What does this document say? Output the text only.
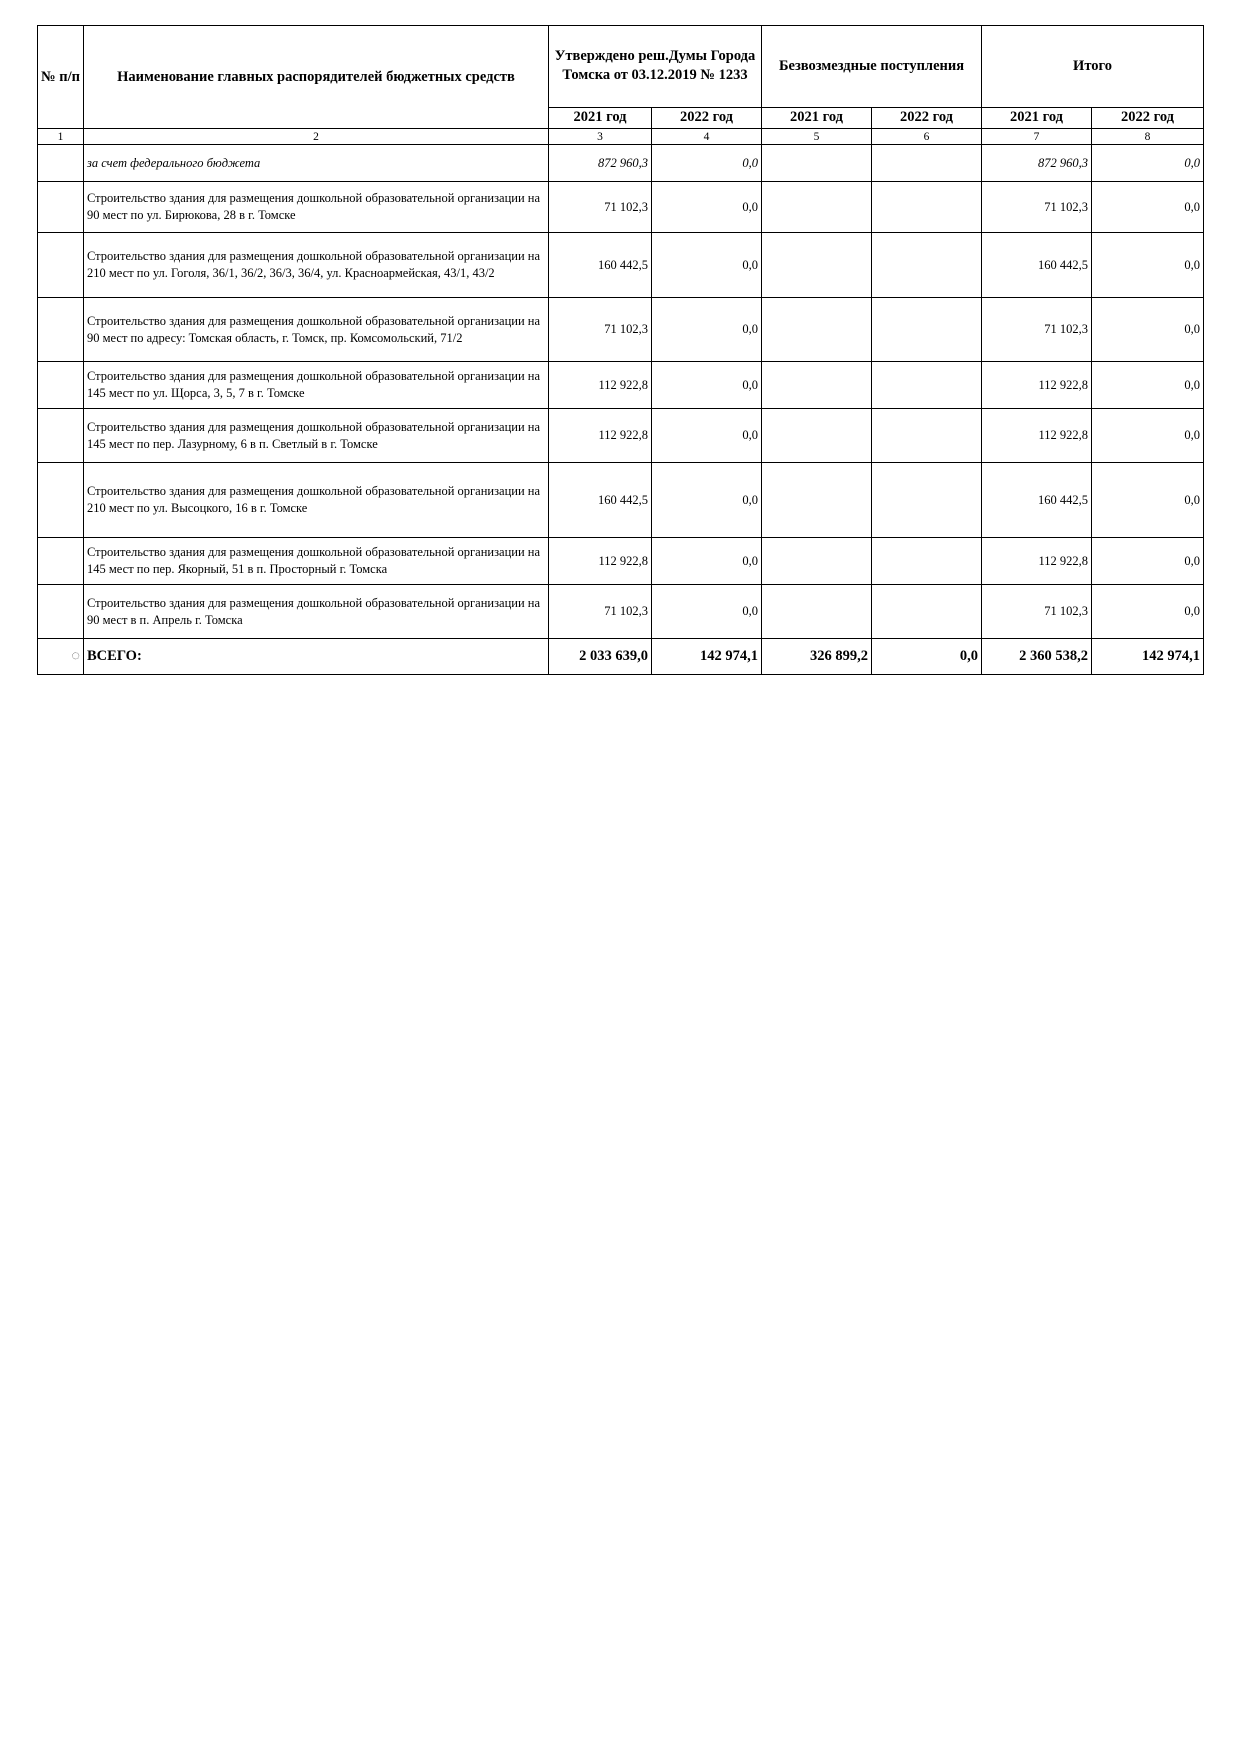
№ п/п	Наименование главных распорядителей бюджетных средств	Утверждено реш.Думы Города Томска от 03.12.2019 № 1233		Безвозмездные поступления		Итого	
		2021 год	2022 год	2021 год	2022 год	2021 год	2022 год
1	2	3	4	5	6	7	8
	за счет федерального бюджета	872 960,3	0,0			872 960,3	0,0
	Строительство здания для размещения дошкольной образовательной организации на 90 мест по ул. Бирюкова, 28 в г. Томске	71 102,3	0,0			71 102,3	0,0
	Строительство здания для размещения дошкольной образовательной организации на 210 мест по ул. Гоголя, 36/1, 36/2, 36/3, 36/4, ул. Красноармейская, 43/1, 43/2	160 442,5	0,0			160 442,5	0,0
	Строительство здания для размещения дошкольной образовательной организации на 90 мест по адресу: Томская область, г. Томск, пр. Комсомольский, 71/2	71 102,3	0,0			71 102,3	0,0
	Строительство здания для размещения дошкольной образовательной организации на 145 мест по ул. Щорса, 3, 5, 7 в г. Томске	112 922,8	0,0			112 922,8	0,0
	Строительство здания для размещения дошкольной образовательной организации на 145 мест по пер. Лазурному, 6 в п. Светлый в г. Томске	112 922,8	0,0			112 922,8	0,0
	Строительство здания для размещения дошкольной образовательной организации на 210 мест по ул. Высоцкого, 16 в г. Томске	160 442,5	0,0			160 442,5	0,0
	Строительство здания для размещения дошкольной образовательной организации на 145 мест по пер. Якорный, 51 в п. Просторный г. Томска	112 922,8	0,0			112 922,8	0,0
	Строительство здания для размещения дошкольной образовательной организации на 90 мест в п. Апрель г. Томска	71 102,3	0,0			71 102,3	0,0
◌	ВСЕГО:	2 033 639,0	142 974,1	326 899,2	0,0	2 360 538,2	142 974,1
